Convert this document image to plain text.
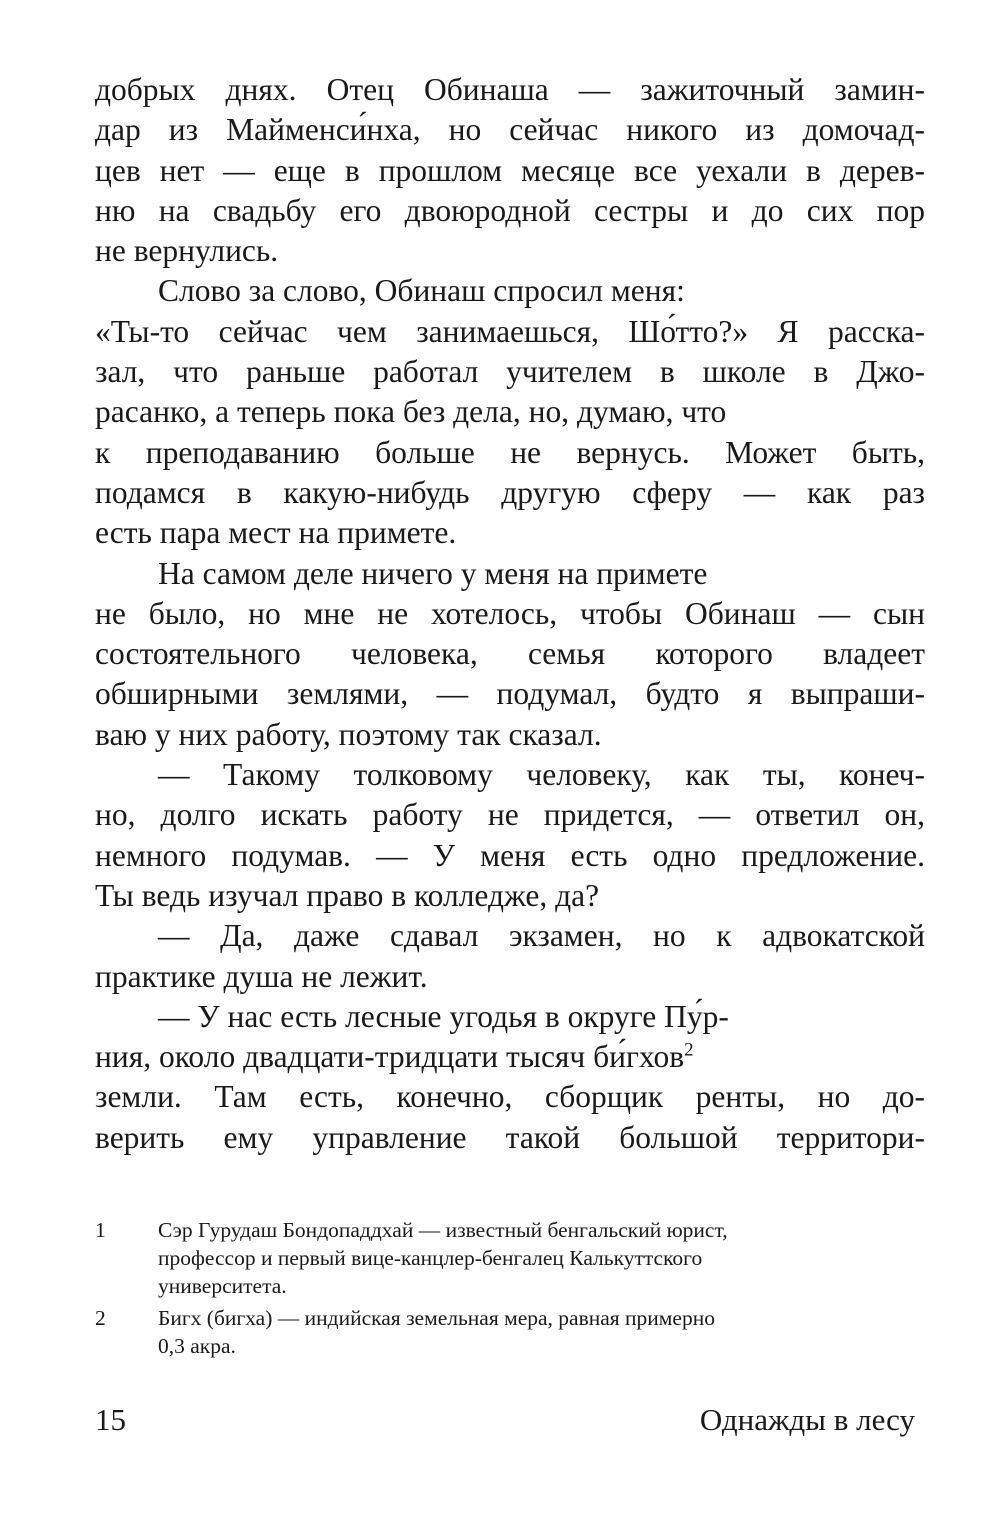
добрых днях. Отец Обинаша — зажиточный замин-
дар из Майменси́нха, но сейчас никого из домочад-
цев нет — еще в прошлом месяце все уехали в дерев-
ню на свадьбу его двоюродной сестры и до сих пор
не вернулись.
Слово за слово, Обинаш спросил меня:
«Ты-то сейчас чем занимаешься, Шо́тто?» Я расска-
зал, что раньше работал учителем в школе в Джо-
расанко, а теперь пока без дела, но, думаю, что
к преподаванию больше не вернусь. Может быть,
подамся в какую-нибудь другую сферу — как раз
есть пара мест на примете.
На самом деле ничего у меня на примете
не было, но мне не хотелось, чтобы Обинаш — сын
состоятельного человека, семья которого владеет
обширными землями, — подумал, будто я выпраши-
ваю у них работу, поэтому так сказал.
— Такому толковому человеку, как ты, конеч-
но, долго искать работу не придется, — ответил он,
немного подумав. — У меня есть одно предложение.
Ты ведь изучал право в колледже, да?
— Да, даже сдавал экзамен, но к адвокатской
практике душа не лежит.
— У нас есть лесные угодья в округе Пу́р-
ния, около двадцати-тридцати тысяч би́гхов$^2$
земли. Там есть, конечно, сборщик ренты, но до-
верить ему управление такой большой территори-
1 Сэр Гурудаш Бондопаддхай — известный бенгальский юрист,
профессор и первый вице-канцлер-бенгалец Калькуттского
университета.
2 Бигх (бигха) — индийская земельная мера, равная примерно
0,3 акра.
15	Однажды в лесу
